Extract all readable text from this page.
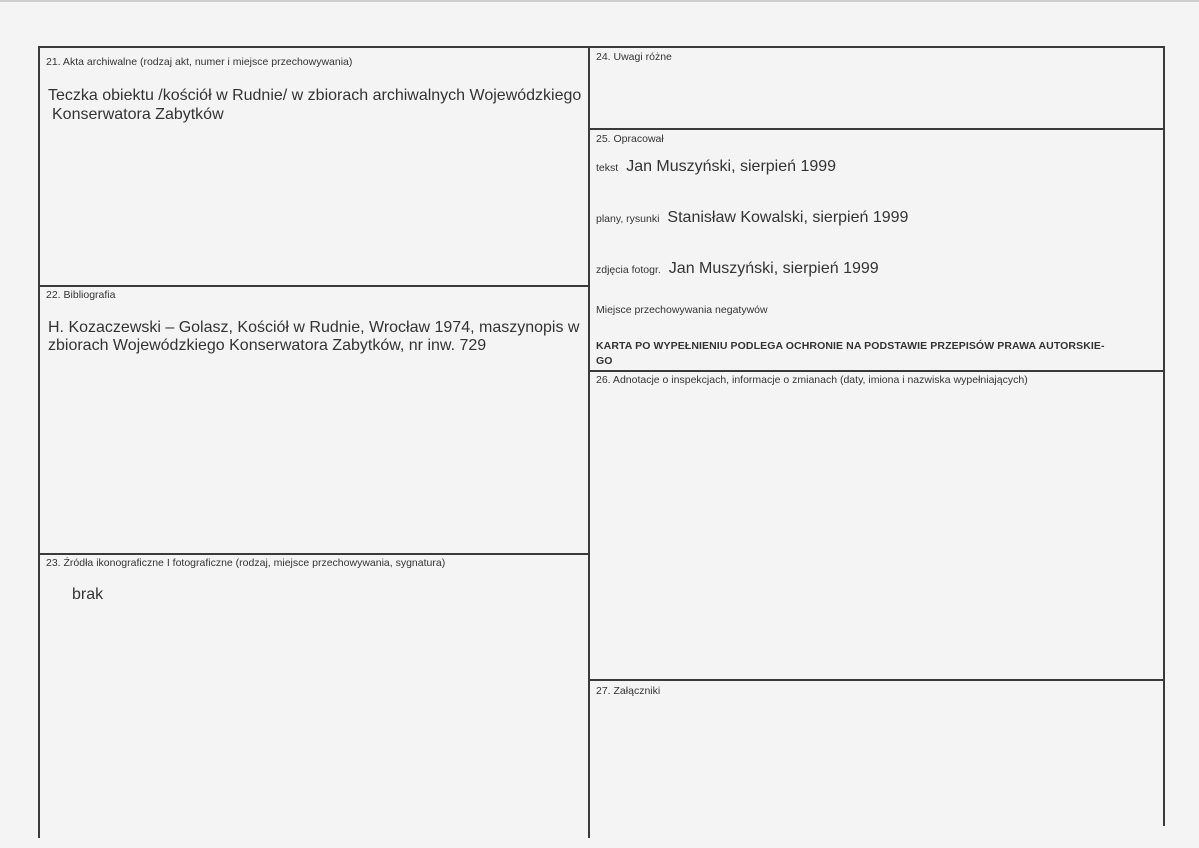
21. Akta archiwalne (rodzaj akt, numer i miejsce przechowywania)
Teczka obiektu /kościół w Rudnie/ w zbiorach archiwalnych Wojewódzkiego
Konserwatora Zabytków
22. Bibliografia
H. Kozaczewski – Golasz, Kościół w Rudnie, Wrocław 1974, maszynopis w
zbiorach Wojewódzkiego Konserwatora Zabytków, nr inw. 729
23. Źródła ikonograficzne I fotograficzne (rodzaj, miejsce przechowywania, sygnatura)
brak
24. Uwagi różne
25. Opracował
tekst Jan Muszyński, sierpień 1999
plany, rysunki Stanisław Kowalski, sierpień 1999
zdjęcia fotogr. Jan Muszyński, sierpień 1999
Miejsce przechowywania negatywów
KARTA PO WYPEŁNIENIU PODLEGA OCHRONIE NA PODSTAWIE PRZEPISÓW PRAWA AUTORSKIE-
GO
26. Adnotacje o inspekcjach, informacje o zmianach (daty, imiona i nazwiska wypełniających)
27. Załączniki
